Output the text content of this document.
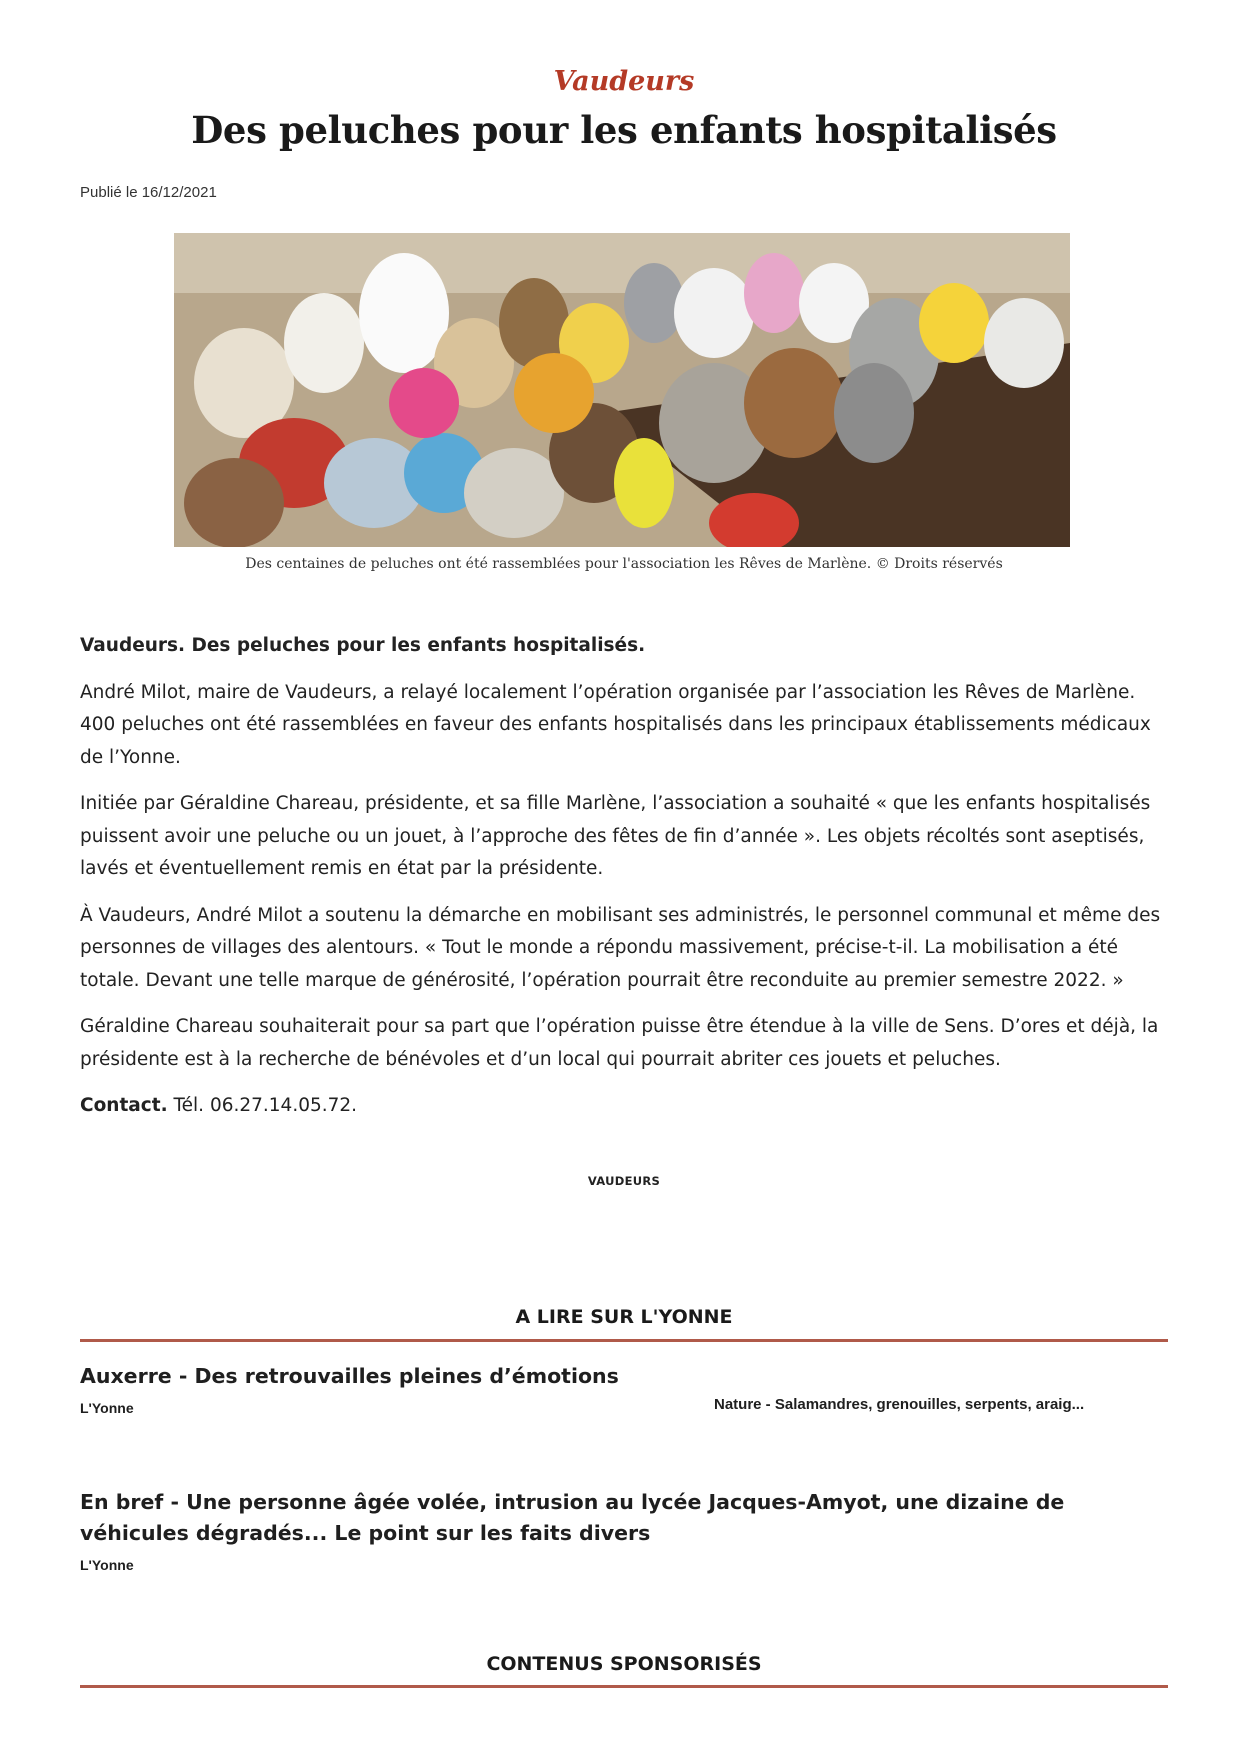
Vaudeurs
Des peluches pour les enfants hospitalisés
Publié le 16/12/2021
Des centaines de peluches ont été rassemblées pour l'association les Rêves de Marlène. © Droits réservés

Vaudeurs. Des peluches pour les enfants hospitalisés.

André Milot, maire de Vaudeurs, a relayé localement l’opération organisée par l’association les Rêves de Marlène. 400 peluches ont été rassemblées en faveur des enfants hospitalisés dans les principaux établissements médicaux de l’Yonne.

Initiée par Géraldine Chareau, présidente, et sa fille Marlène, l’association a souhaité « que les enfants hospitalisés puissent avoir une peluche ou un jouet, à l’approche des fêtes de fin d’année ». Les objets récoltés sont aseptisés, lavés et éventuellement remis en état par la présidente.

À Vaudeurs, André Milot a soutenu la démarche en mobilisant ses administrés, le personnel communal et même des personnes de villages des alentours. « Tout le monde a répondu massivement, précise-t-il. La mobilisation a été totale. Devant une telle marque de générosité, l’opération pourrait être reconduite au premier semestre 2022. »

Géraldine Chareau souhaiterait pour sa part que l’opération puisse être étendue à la ville de Sens. D’ores et déjà, la présidente est à la recherche de bénévoles et d’un local qui pourrait abriter ces jouets et peluches.

Contact. Tél. 06.27.14.05.72.

VAUDEURS
A LIRE SUR L'YONNE
Auxerre - Des retrouvailles pleines d’émotions
L'Yonne	Nature - Salamandres, grenouilles, serpents, araig...
En bref - Une personne âgée volée, intrusion au lycée Jacques-Amyot, une dizaine de véhicules dégradés... Le point sur les faits divers
L'Yonne
CONTENUS SPONSORISÉS
